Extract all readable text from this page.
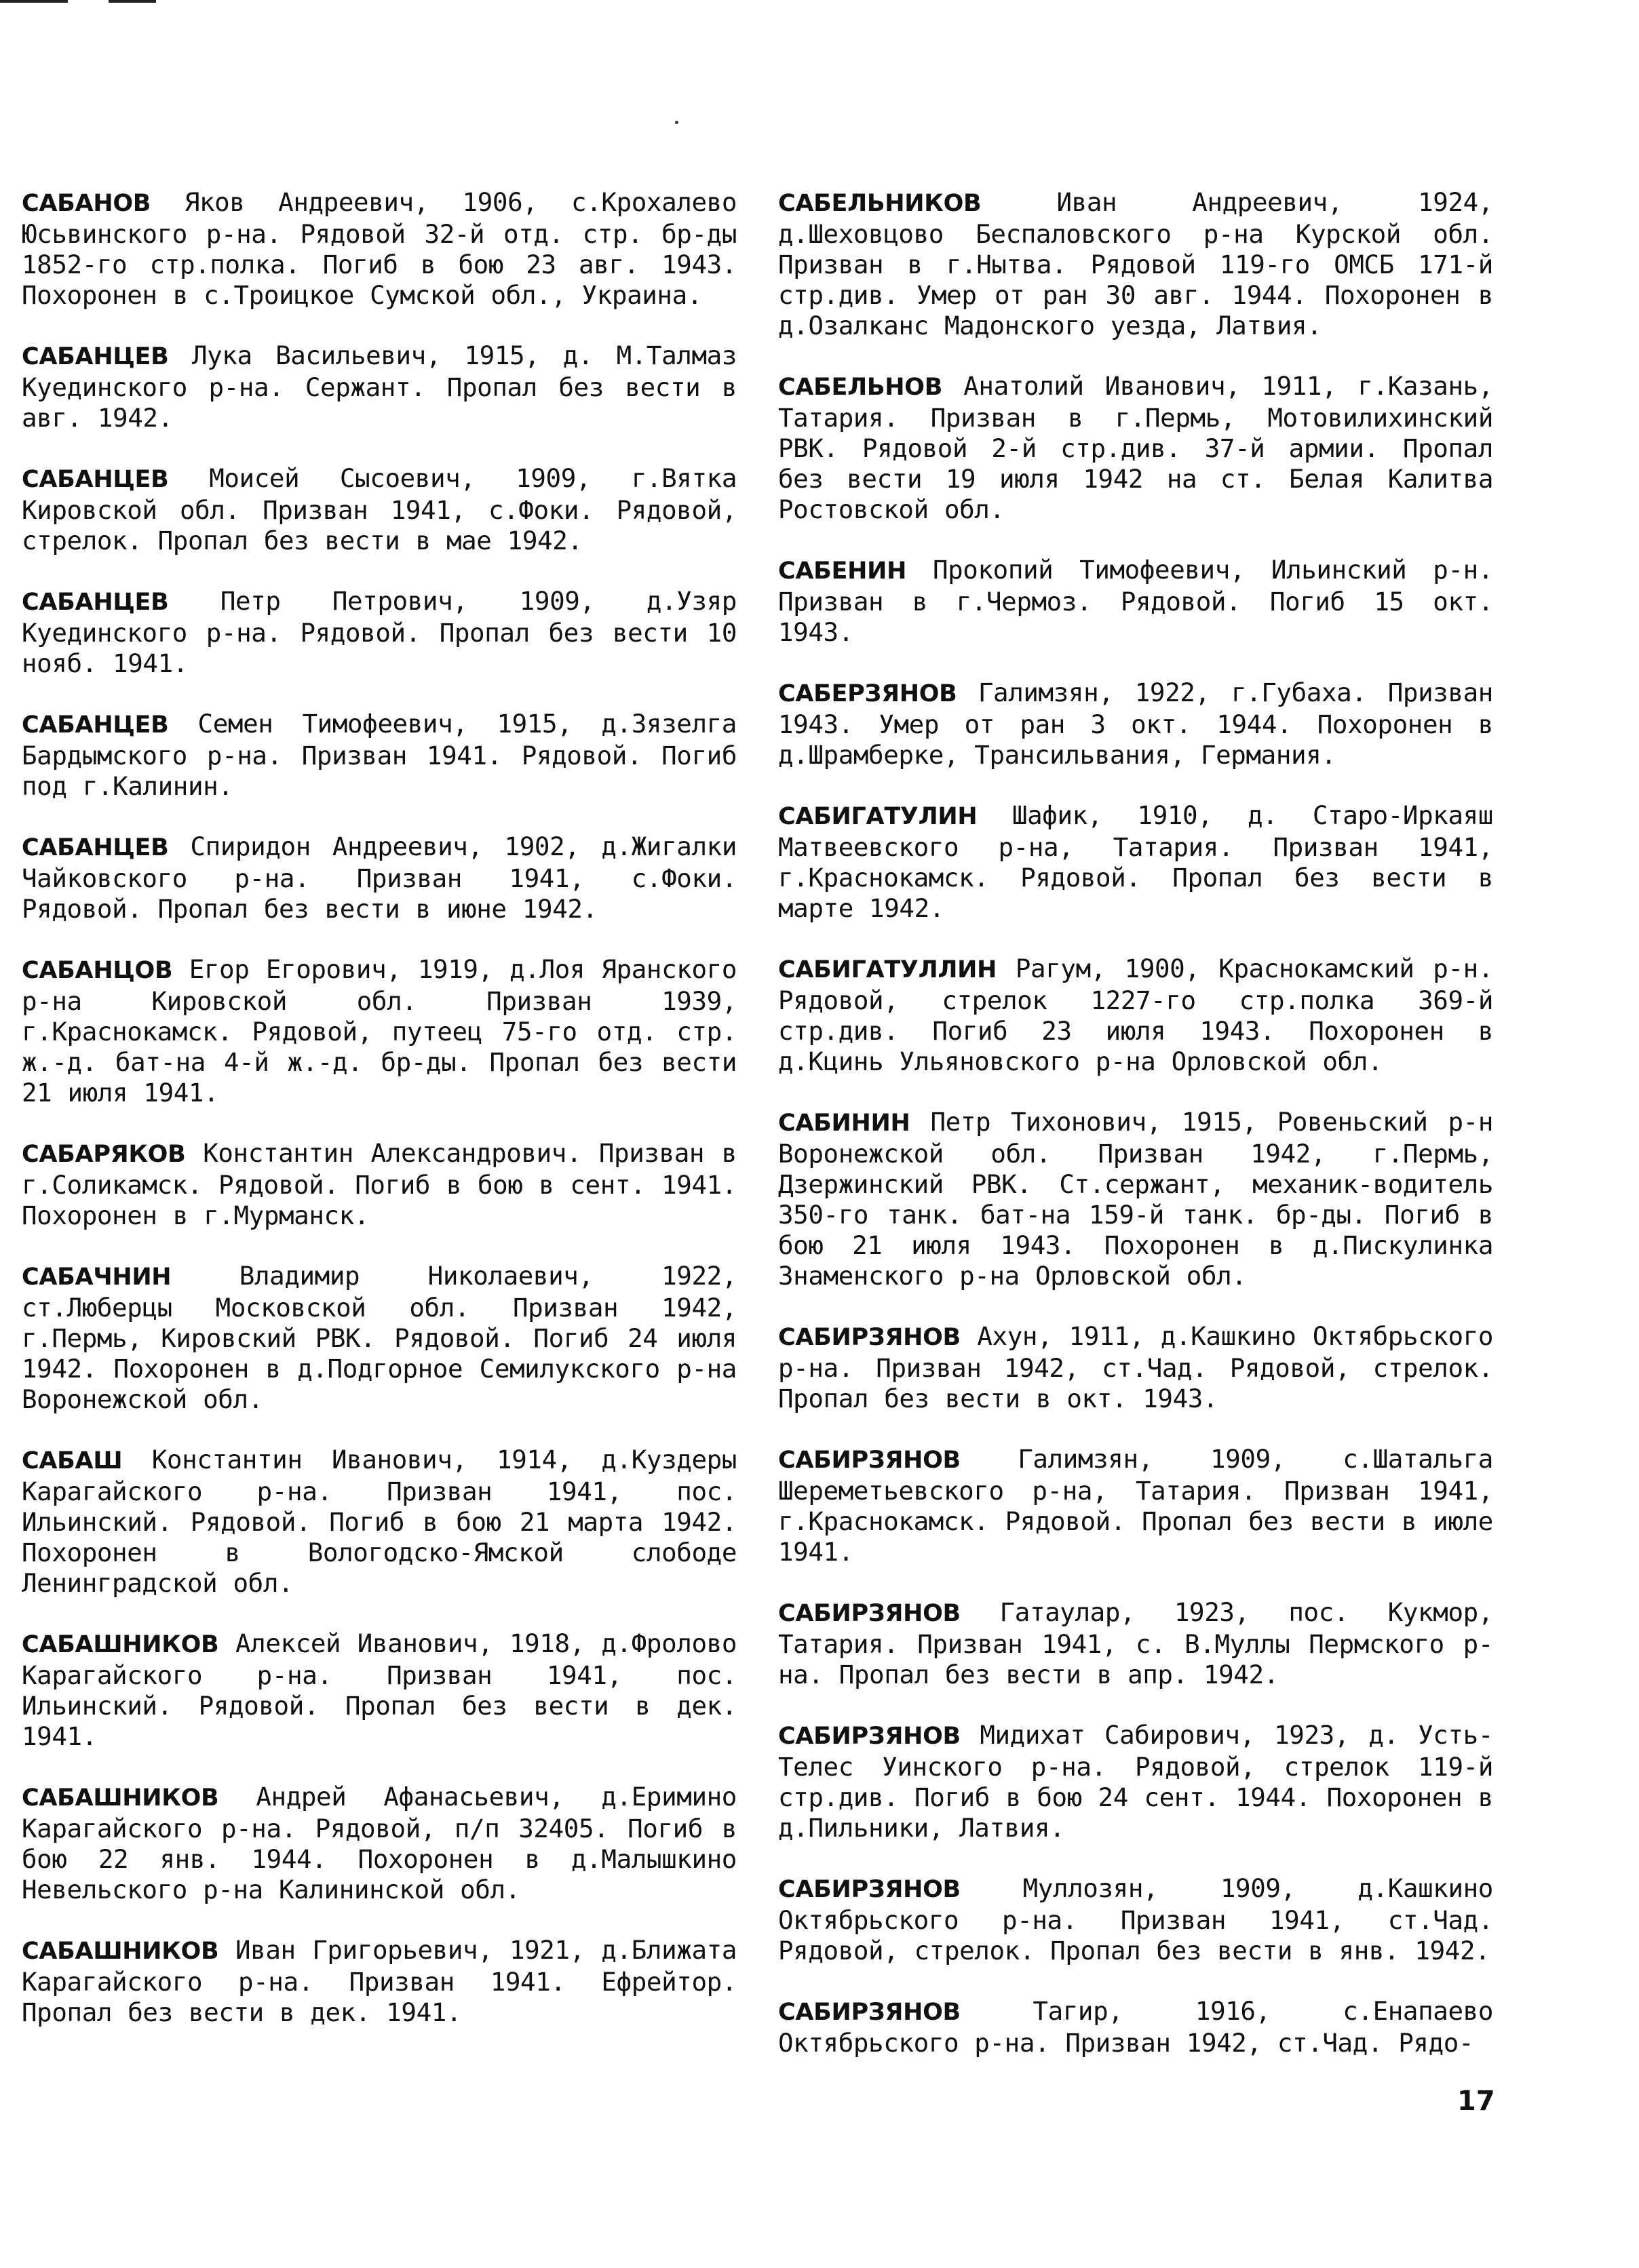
САБАНОВ Яков Андреевич, 1906, с.Крохалево Юсьвинского р-на. Рядовой 32-й отд. стр. бр-ды 1852-го стр.полка. Погиб в бою 23 авг. 1943. Похоронен в с.Троицкое Сумской обл., Украина.

САБАНЦЕВ Лука Васильевич, 1915, д. М.Талмаз Куединского р-на. Сержант. Пропал без вести в авг. 1942.

САБАНЦЕВ Моисей Сысоевич, 1909, г.Вятка Кировской обл. Призван 1941, с.Фоки. Рядовой, стрелок. Пропал без вести в мае 1942.

САБАНЦЕВ Петр Петрович, 1909, д.Узяр Куединского р-на. Рядовой. Пропал без вести 10 нояб. 1941.

САБАНЦЕВ Семен Тимофеевич, 1915, д.Зязелга Бардымского р-на. Призван 1941. Рядовой. Погиб под г.Калинин.

САБАНЦЕВ Спиридон Андреевич, 1902, д.Жигалки Чайковского р-на. Призван 1941, с.Фоки. Рядовой. Пропал без вести в июне 1942.

САБАНЦОВ Егор Егорович, 1919, д.Лоя Яранского р-на Кировской обл. Призван 1939, г.Краснокамск. Рядовой, путеец 75-го отд. стр. ж.-д. бат-на 4-й ж.-д. бр-ды. Пропал без вести 21 июля 1941.

САБАРЯКОВ Константин Александрович. Призван в г.Соликамск. Рядовой. Погиб в бою в сент. 1941. Похоронен в г.Мурманск.

САБАЧНИН	Владимир Николаевич, 1922, ст.Люберцы Московской обл. Призван 1942, г.Пермь, Кировский РВК. Рядовой. Погиб 24 июля 1942. Похоронен в д.Подгорное Семилукского р-на Воронежской обл.

САБАШ Константин Иванович, 1914, д.Куздеры Карагайского р-на. Призван 1941, пос. Ильинский. Рядовой. Погиб в бою 21 марта 1942. Похоронен в Вологодско-Ямской слободе Ленинградской обл.

САБАШНИКОВ Алексей Иванович, 1918, д.Фролово Карагайского р-на. Призван 1941, пос. Ильинский. Рядовой. Пропал без вести в дек. 1941.

САБАШНИКОВ Андрей Афанасьевич, д.Еримино Карагайского р-на. Рядовой, п/п 32405. Погиб в бою 22 янв. 1944. Похоронен в д.Малышкино Невельского р-на Калининской обл.

САБАШНИКОВ Иван Григорьевич, 1921, д.Ближата Карагайского р-на. Призван 1941. Ефрейтор. Пропал без вести в дек. 1941.

САБЕЛЬНИКОВ	Иван Андреевич, 1924, д.Шеховцово Беспаловского р-на Курской обл. Призван в г.Нытва. Рядовой 119-го ОМСБ 171-й стр.див. Умер от ран 30 авг. 1944. Похоронен в д.Озалканс Мадонского уезда, Латвия.

САБЕЛЬНОВ Анатолий Иванович, 1911, г.Казань, Татария. Призван в г.Пермь, Мотовилихинский РВК. Рядовой 2-й стр.див. 37-й армии. Пропал без вести 19 июля 1942 на ст. Белая Калитва Ростовской обл.

САБЕНИН Прокопий Тимофеевич, Ильинский р-н. Призван в г.Чермоз. Рядовой. Погиб 15 окт. 1943.

САБЕРЗЯНОВ Галимзян, 1922, г.Губаха. Призван 1943. Умер от ран 3 окт. 1944. Похоронен в д.Шрамберке, Трансильвания, Германия.

САБИГАТУЛИН Шафик, 1910, д. Старо-Иркаяш Матвеевского р-на, Татария. Призван 1941, г.Краснокамск. Рядовой. Пропал без вести в марте 1942.

САБИГАТУЛЛИН Рагум, 1900, Краснокамский р-н. Рядовой, стрелок 1227-го стр.полка 369-й стр.див. Погиб 23 июля 1943. Похоронен в д.Кцинь Ульяновского р-на Орловской обл.

САБИНИН Петр Тихонович, 1915, Ровеньский р-н Воронежской обл. Призван 1942, г.Пермь, Дзержинский РВК. Ст.сержант, механик-водитель 350-го танк. бат-на 159-й танк. бр-ды. Погиб в бою 21 июля 1943. Похоронен в д.Пискулинка Знаменского р-на Орловской обл.

САБИРЗЯНОВ Ахун, 1911, д.Кашкино Октябрьского р-на. Призван 1942, ст.Чад. Рядовой, стрелок. Пропал без вести в окт. 1943.

САБИРЗЯНОВ Галимзян, 1909, с.Шатальга Шереметьевского р-на, Татария. Призван 1941, г.Краснокамск. Рядовой. Пропал без вести в июле 1941.

САБИРЗЯНОВ Гатаулар, 1923, пос. Кукмор, Татария. Призван 1941, с. В.Муллы Пермского р-на. Пропал без вести в апр. 1942.

САБИРЗЯНОВ Мидихат Сабирович, 1923, д. Усть-Телес Уинского р-на. Рядовой, стрелок 119-й стр.див. Погиб в бою 24 сент. 1944. Похоронен в д.Пильники, Латвия.

САБИРЗЯНОВ Муллозян, 1909, д.Кашкино Октябрьского р-на. Призван 1941, ст.Чад. Рядовой, стрелок. Пропал без вести в янв. 1942.

САБИРЗЯНОВ	Тагир, 1916, с.Енапаево Октябрьского р-на. Призван 1942, ст.Чад. Рядо-

17
